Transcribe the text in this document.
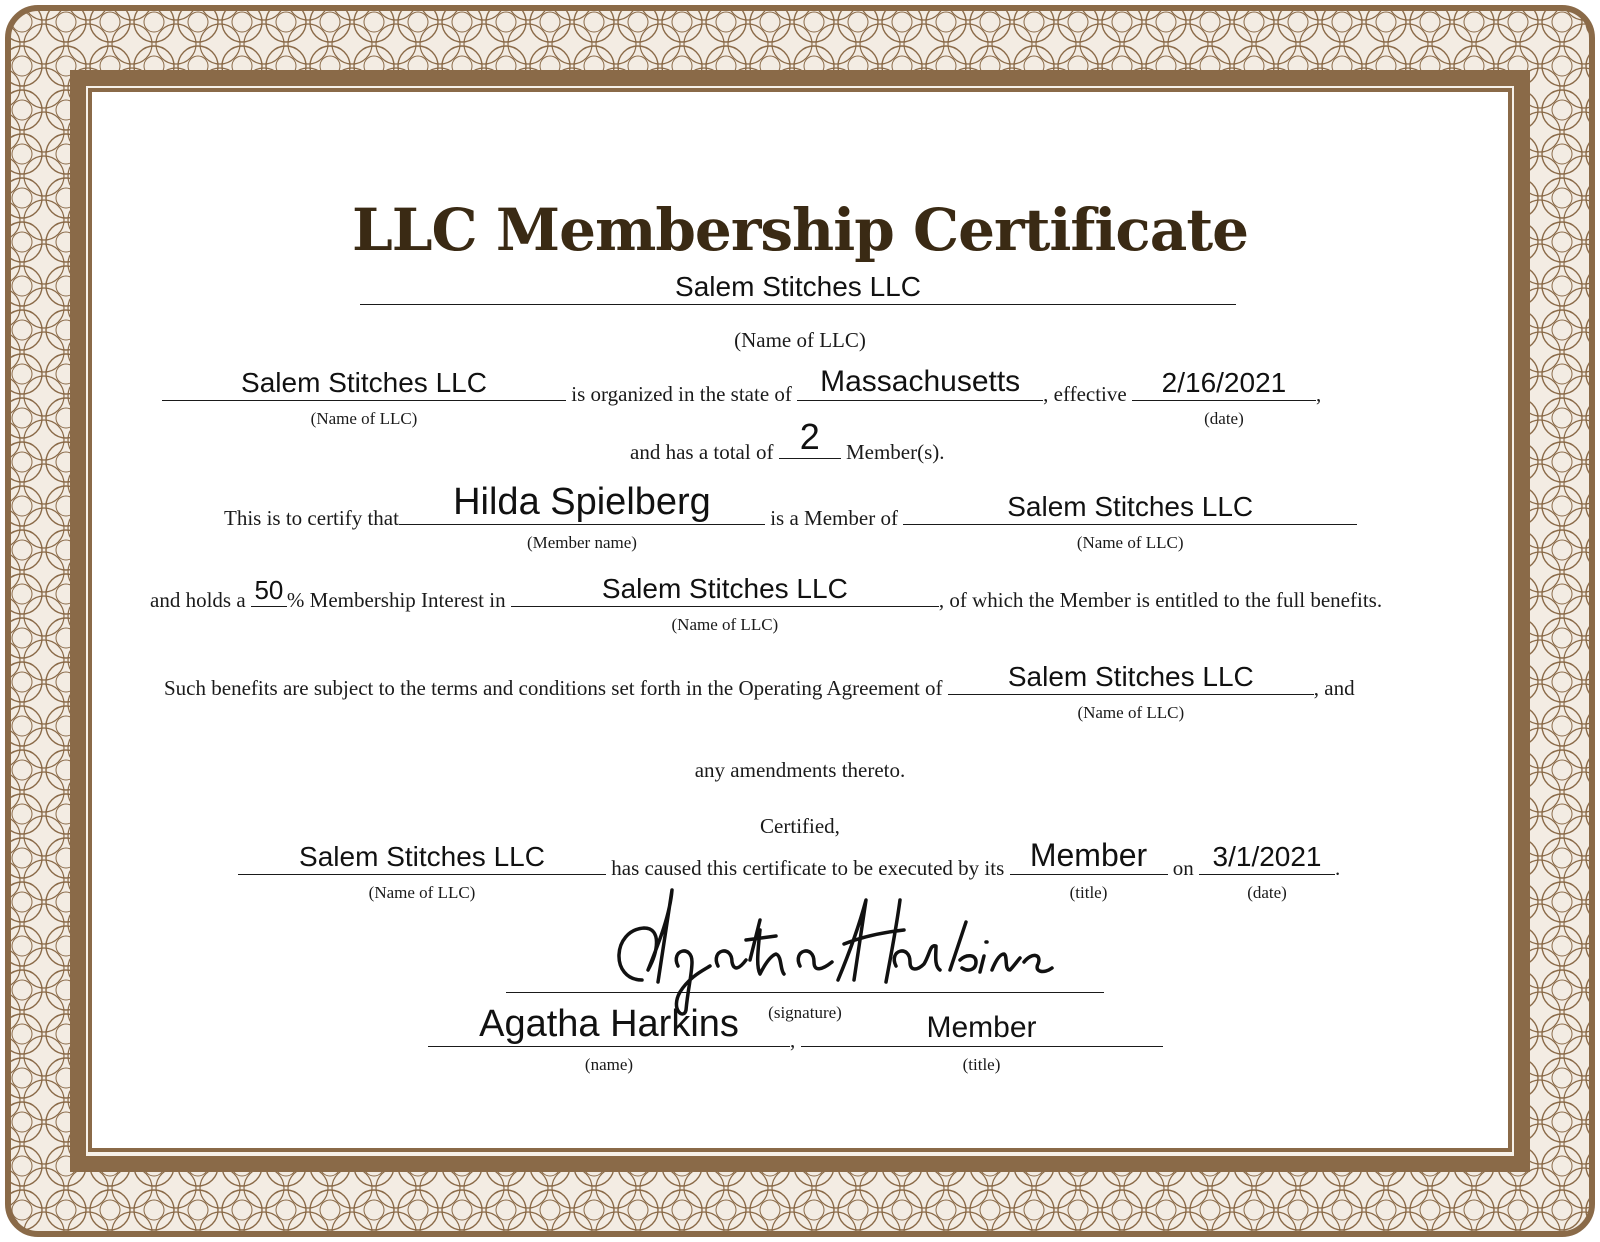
LLC Membership Certificate
Salem Stitches LLC
(Name of LLC)
Salem Stitches LLC
(Name of LLC)
is organized in the state of Massachusetts	, effective	2/16/2021
(date)
,
and has a total of 2	Member(s).
This is to certify that	Hilda Spielberg
(Member name)
is a Member of	Salem Stitches LLC
(Name of LLC)
and holds a 50 % Membership Interest in	Salem Stitches LLC
(Name of LLC)
, of which the Member is entitled to the full benefits.
Such benefits are subject to the terms and conditions set forth in the Operating Agreement of	Salem Stitches LLC
(Name of LLC)
, and
any amendments thereto.
Certified,
Salem Stitches LLC
(Name of LLC)
has caused this certificate to be executed by its Member
(title)
on 3/1/2021
(date)
.
(signature)
Agatha Harkins
(name)
,	Member
(title)
